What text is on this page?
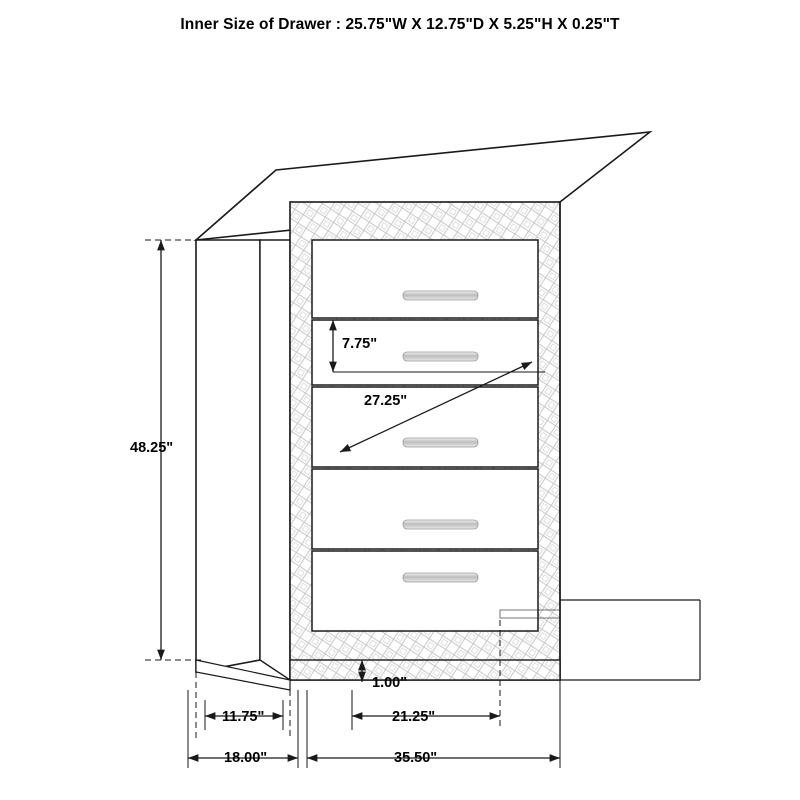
Inner Size of Drawer : 25.75"W X 12.75"D X 5.25"H X 0.25"T
48.25"
7.75"
27.25"
1.00"
11.75"
18.00"
21.25"
35.50"
